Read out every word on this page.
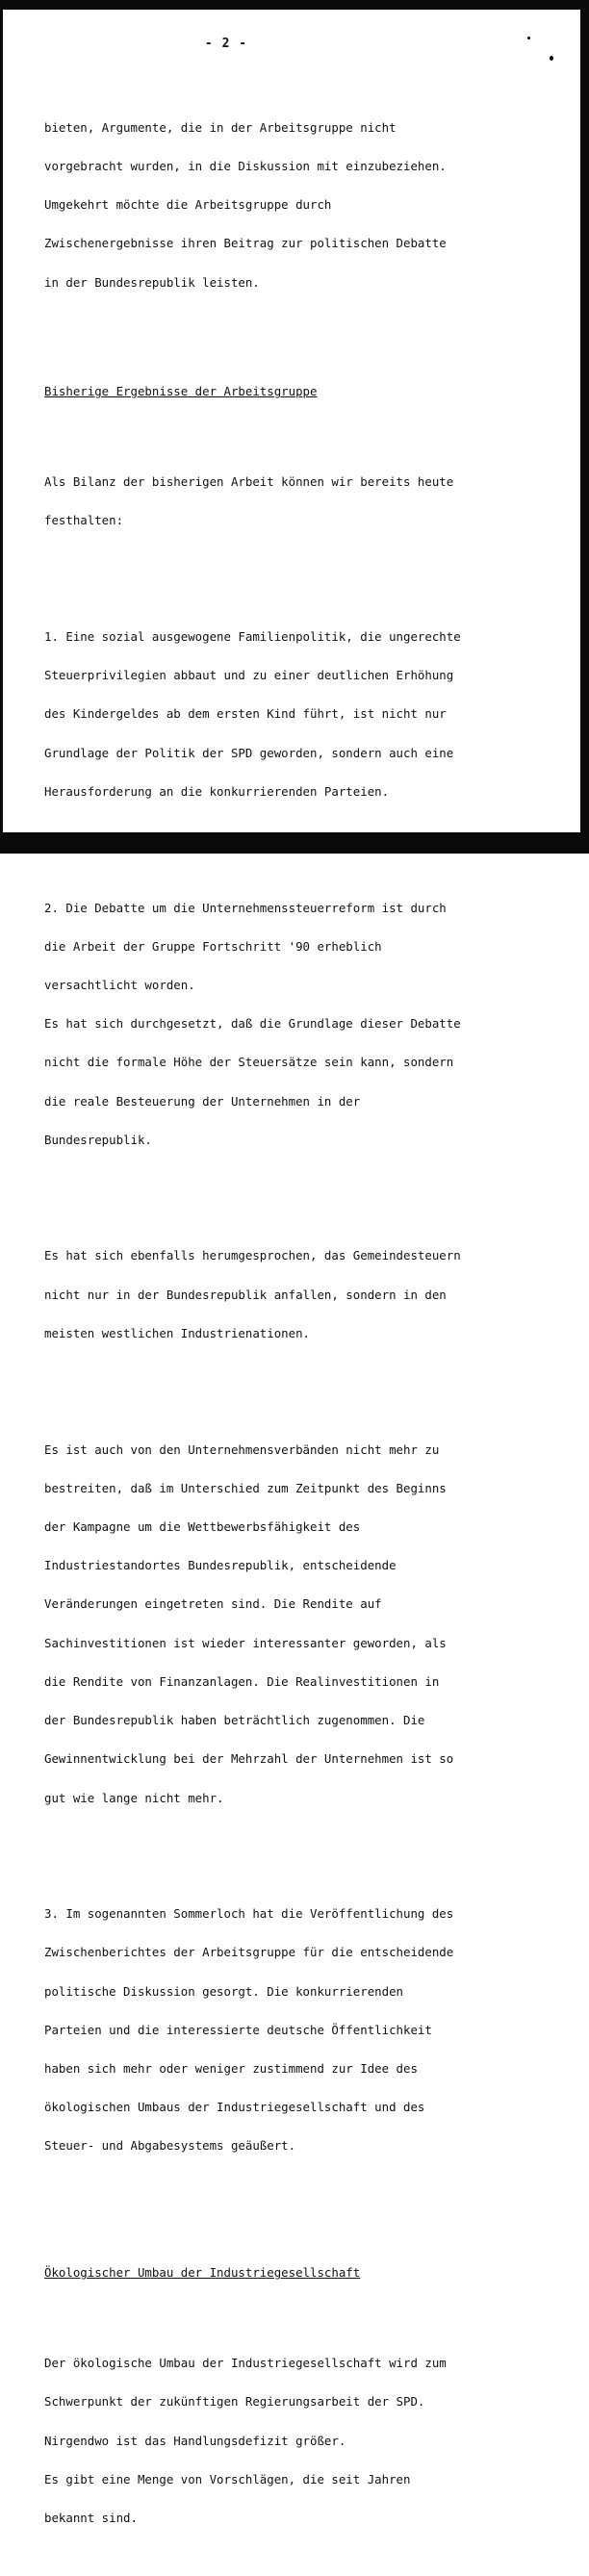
- 2 -

bieten, Argumente, die in der Arbeitsgruppe nicht

vorgebracht wurden, in die Diskussion mit einzubeziehen.

Umgekehrt möchte die Arbeitsgruppe durch

Zwischenergebnisse ihren Beitrag zur politischen Debatte

in der Bundesrepublik leisten.

Bisherige Ergebnisse der Arbeitsgruppe

Als Bilanz der bisherigen Arbeit können wir bereits heute

festhalten:

1. Eine sozial ausgewogene Familienpolitik, die ungerechte

Steuerprivilegien abbaut und zu einer deutlichen Erhöhung

des Kindergeldes ab dem ersten Kind führt, ist nicht nur

Grundlage der Politik der SPD geworden, sondern auch eine

Herausforderung an die konkurrierenden Parteien.

2. Die Debatte um die Unternehmenssteuerreform ist durch

die Arbeit der Gruppe Fortschritt '90 erheblich

versachtlicht worden.

Es hat sich durchgesetzt, daß die Grundlage dieser Debatte

nicht die formale Höhe der Steuersätze sein kann, sondern

die reale Besteuerung der Unternehmen in der

Bundesrepublik.

Es hat sich ebenfalls herumgesprochen, das Gemeindesteuern

nicht nur in der Bundesrepublik anfallen, sondern in den

meisten westlichen Industrienationen.

Es ist auch von den Unternehmensverbänden nicht mehr zu

bestreiten, daß im Unterschied zum Zeitpunkt des Beginns

der Kampagne um die Wettbewerbsfähigkeit des

Industriestandortes Bundesrepublik, entscheidende

Veränderungen eingetreten sind. Die Rendite auf

Sachinvestitionen ist wieder interessanter geworden, als

die Rendite von Finanzanlagen. Die Realinvestitionen in

der Bundesrepublik haben beträchtlich zugenommen. Die

Gewinnentwicklung bei der Mehrzahl der Unternehmen ist so

gut wie lange nicht mehr.

3. Im sogenannten Sommerloch hat die Veröffentlichung des

Zwischenberichtes der Arbeitsgruppe für die entscheidende

politische Diskussion gesorgt. Die konkurrierenden

Parteien und die interessierte deutsche Öffentlichkeit

haben sich mehr oder weniger zustimmend zur Idee des

ökologischen Umbaus der Industriegesellschaft und des

Steuer- und Abgabesystems geäußert.

Ökologischer Umbau der Industriegesellschaft

Der ökologische Umbau der Industriegesellschaft wird zum

Schwerpunkt der zukünftigen Regierungsarbeit der SPD.

Nirgendwo ist das Handlungsdefizit größer.

Es gibt eine Menge von Vorschlägen, die seit Jahren

bekannt sind.
